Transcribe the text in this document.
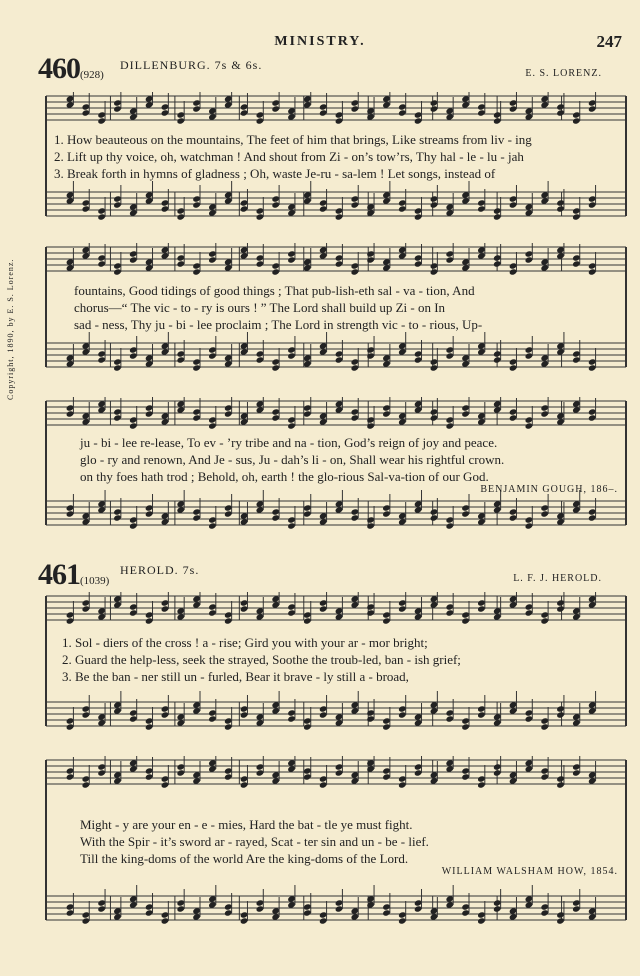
MINISTRY.	247
Copyright, 1890, by E. S. Lorenz.
460(928)
DILLENBURG. 7s & 6s.
E. S. LORENZ.
1. How beauteous on the mountains, The feet of him that brings, Like streams from liv - ing
2. Lift up thy voice, oh, watchman ! And shout from Zi - on’s tow’rs, Thy hal - le - lu - jah
3. Break forth in hymns of gladness ; Oh, waste Je-ru - sa-lem ! Let songs, instead of
fountains, Good tidings of good things ; That pub-lish-eth sal - va - tion, And
chorus—“ The vic - to - ry is ours ! ” The Lord shall build up Zi - on In
sad - ness, Thy ju - bi - lee proclaim ; The Lord in strength vic - to - rious, Up-
ju - bi - lee re-lease, To ev - ’ry tribe and na - tion, God’s reign of joy and peace.
glo - ry and renown, And Je - sus, Ju - dah’s li - on, Shall wear his rightful crown.
on thy foes hath trod ; Behold, oh, earth ! the glo-rious Sal-va-tion of our God.
BENJAMIN GOUGH, 186–.
461(1039)
HEROLD. 7s.
L. F. J. HEROLD.
1. Sol - diers of the cross ! a - rise; Gird you with your ar - mor bright;
2. Guard the help-less, seek the strayed, Soothe the troub-led, ban - ish grief;
3. Be the ban - ner still un - furled, Bear it brave - ly still a - broad,
Might - y are your en - e - mies, Hard the bat - tle ye must fight.
With the Spir - it’s sword ar - rayed, Scat - ter sin and un - be - lief.
Till the king-doms of the world Are the king-doms of the Lord.
WILLIAM WALSHAM HOW, 1854.
